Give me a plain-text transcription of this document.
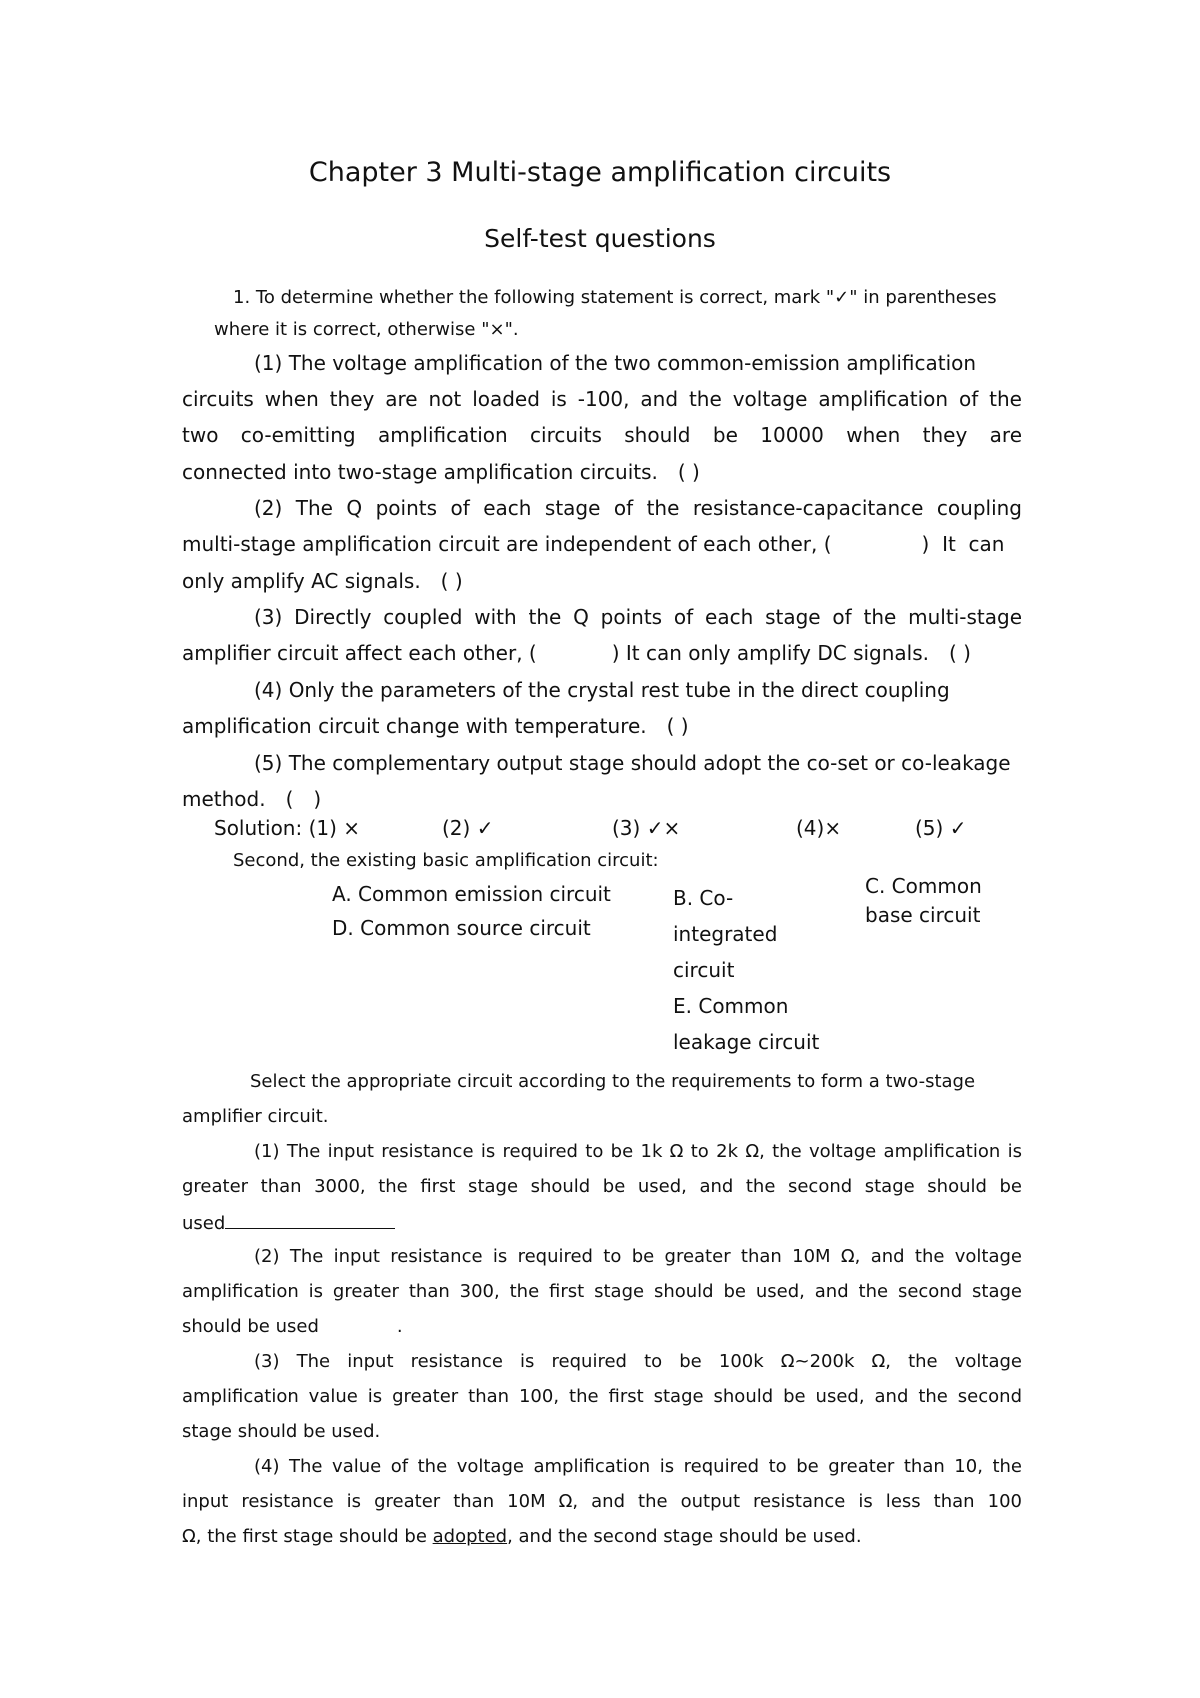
Chapter 3 Multi-stage amplification circuits
Self-test questions
1. To determine whether the following statement is correct, mark "✓" in parentheses
where it is correct, otherwise "×".
(1) The voltage amplification of the two common-emission amplification
circuits when they are not loaded is -100, and the voltage amplification of the
two co-emitting amplification circuits should be 10000 when they are
connected into two-stage amplification circuits.　( )
(2) The Q points of each stage of the resistance-capacitance coupling
multi-stage amplification circuit are independent of each other, (	)  It  can
only amplify AC signals.　( )
(3) Directly coupled with the Q points of each stage of the multi-stage
amplifier circuit affect each other, (	) It can only amplify DC signals.　( )
(4) Only the parameters of the crystal rest tube in the direct coupling
amplification circuit change with temperature.　( )
(5) The complementary output stage should adopt the co-set or co-leakage
method.　(　)
Solution: (1) ×	(2) ✓	(3) ✓×	(4)×	(5) ✓
Second, the existing basic amplification circuit:
A. Common emission circuit
D. Common source circuit
B. Co-
integrated
circuit
E. Common
leakage circuit
C. Common
base circuit
Select the appropriate circuit according to the requirements to form a two-stage
amplifier circuit.
(1) The input resistance is required to be 1k Ω to 2k Ω, the voltage amplification is
greater than 3000, the first stage should be used, and the second stage should be
used
(2) The input resistance is required to be greater than 10M Ω, and the voltage
amplification is greater than 300, the first stage should be used, and the second stage
should be used	.
(3) The input resistance is required to be 100k Ω~200k Ω, the voltage
amplification value is greater than 100, the first stage should be used, and the second
stage should be used.
(4) The value of the voltage amplification is required to be greater than 10, the
input resistance is greater than 10M Ω, and the output resistance is less than 100
Ω, the first stage should be adopted, and the second stage should be used.
